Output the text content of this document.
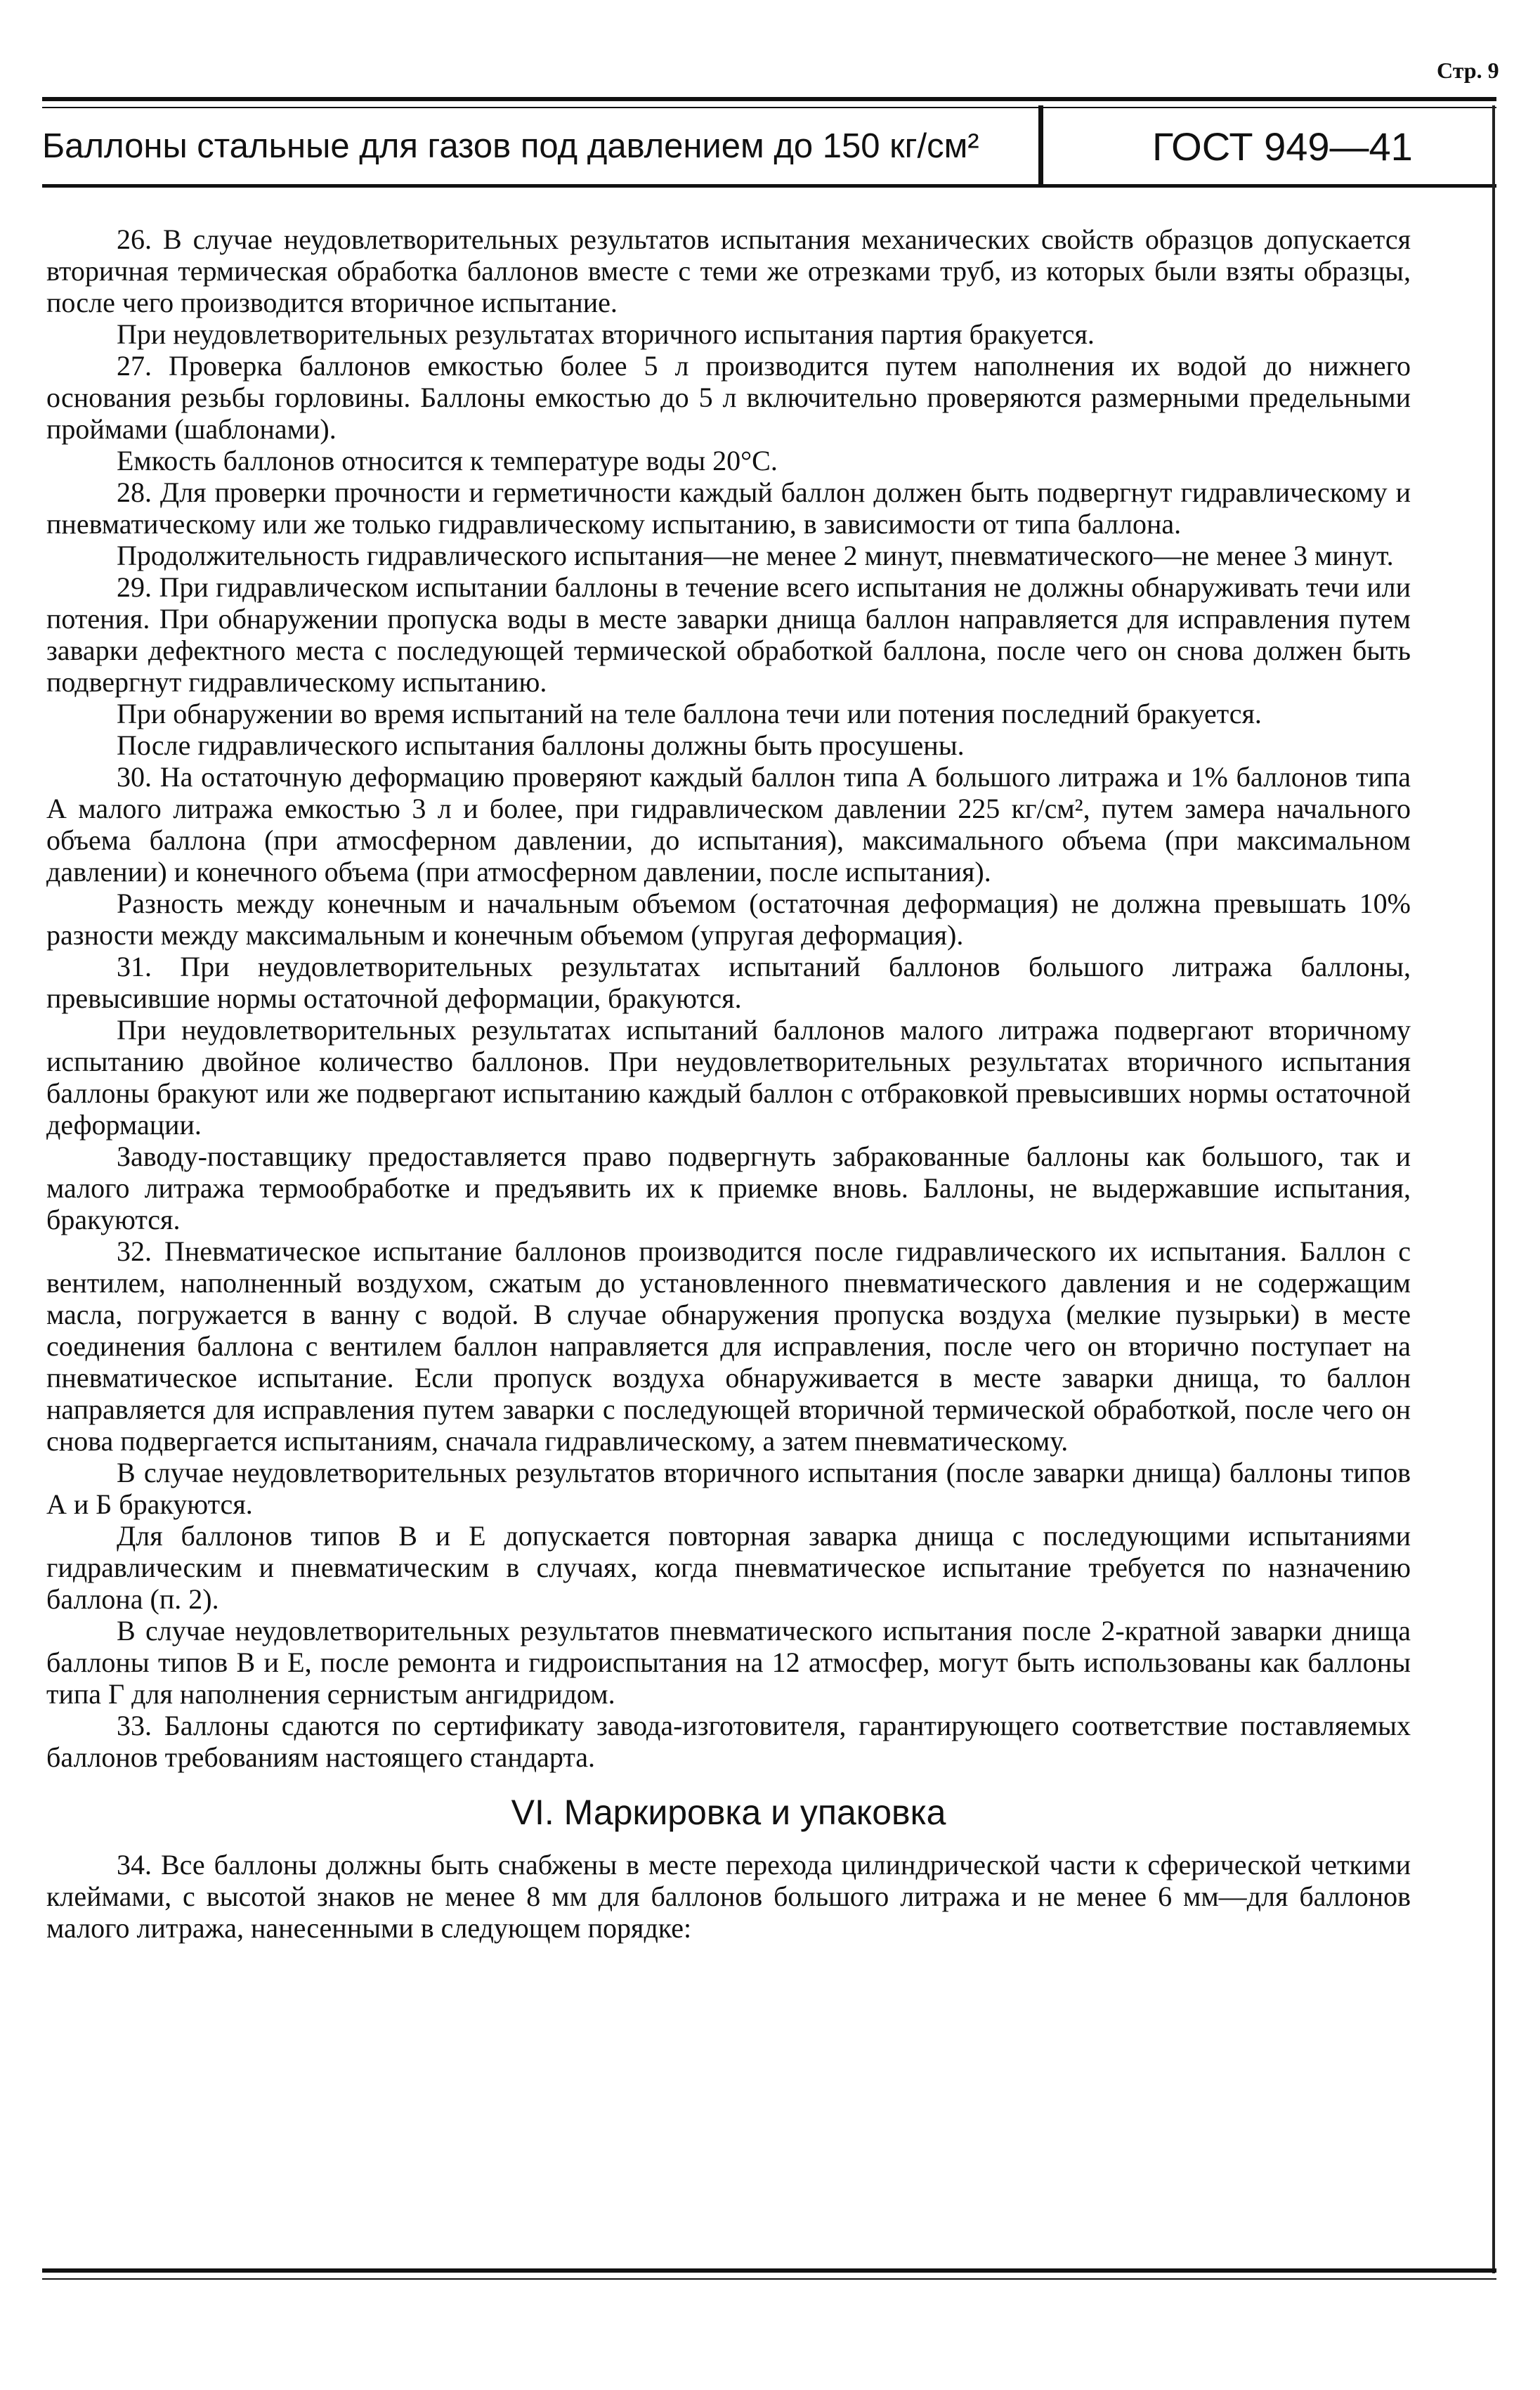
Стр. 9
Баллоны стальные для газов под давлением до 150 кг/см²	ГОСТ 949—41

26. В случае неудовлетворительных результатов испытания механических свойств образцов допускается вторичная термическая обработка баллонов вместе с теми же отрезками труб, из которых были взяты образцы, после чего производится вторичное испытание.

При неудовлетворительных результатах вторичного испытания партия бракуется.

27. Проверка баллонов емкостью более 5 л производится путем наполнения их водой до нижнего основания резьбы горловины. Баллоны емкостью до 5 л включительно проверяются размерными предельными проймами (шаблонами).

Емкость баллонов относится к температуре воды 20°С.

28. Для проверки прочности и герметичности каждый баллон должен быть подвергнут гидравлическому и пневматическому или же только гидравлическому испытанию, в зависимости от типа баллона.

Продолжительность гидравлического испытания—не менее 2 минут, пневматического—не менее 3 минут.

29. При гидравлическом испытании баллоны в течение всего испытания не должны обнаруживать течи или потения. При обнаружении пропуска воды в месте заварки днища баллон направляется для исправления путем заварки дефектного места с последующей термической обработкой баллона, после чего он снова должен быть подвергнут гидравлическому испытанию.

При обнаружении во время испытаний на теле баллона течи или потения последний бракуется.

После гидравлического испытания баллоны должны быть просушены.

30. На остаточную деформацию проверяют каждый баллон типа А большого литража и 1% баллонов типа А малого литража емкостью 3 л и более, при гидравлическом давлении 225 кг/см², путем замера начального объема баллона (при атмосферном давлении, до испытания), максимального объема (при максимальном давлении) и конечного объема (при атмосферном давлении, после испытания).

Разность между конечным и начальным объемом (остаточная деформация) не должна превышать 10% разности между максимальным и конечным объемом (упругая деформация).

31. При неудовлетворительных результатах испытаний баллонов большого литража баллоны, превысившие нормы остаточной деформации, бракуются.

При неудовлетворительных результатах испытаний баллонов малого литража подвергают вторичному испытанию двойное количество баллонов. При неудовлетворительных результатах вторичного испытания баллоны бракуют или же подвергают испытанию каждый баллон с отбраковкой превысивших нормы остаточной деформации.

Заводу-поставщику предоставляется право подвергнуть забракованные баллоны как большого, так и малого литража термообработке и предъявить их к приемке вновь. Баллоны, не выдержавшие испытания, бракуются.

32. Пневматическое испытание баллонов производится после гидравлического их испытания. Баллон с вентилем, наполненный воздухом, сжатым до установленного пневматического давления и не содержащим масла, погружается в ванну с водой. В случае обнаружения пропуска воздуха (мелкие пузырьки) в месте соединения баллона с вентилем баллон направляется для исправления, после чего он вторично поступает на пневматическое испытание. Если пропуск воздуха обнаруживается в месте заварки днища, то баллон направляется для исправления путем заварки с последующей вторичной термической обработкой, после чего он снова подвергается испытаниям, сначала гидравлическому, а затем пневматическому.

В случае неудовлетворительных результатов вторичного испытания (после заварки днища) баллоны типов А и Б бракуются.

Для баллонов типов В и Е допускается повторная заварка днища с последующими испытаниями гидравлическим и пневматическим в случаях, когда пневматическое испытание требуется по назначению баллона (п. 2).

В случае неудовлетворительных результатов пневматического испытания после 2-кратной заварки днища баллоны типов В и Е, после ремонта и гидроиспытания на 12 атмосфер, могут быть использованы как баллоны типа Г для наполнения сернистым ангидридом.

33. Баллоны сдаются по сертификату завода-изготовителя, гарантирующего соответствие поставляемых баллонов требованиям настоящего стандарта.

VI. Маркировка и упаковка

34. Все баллоны должны быть снабжены в месте перехода цилиндрической части к сферической четкими клеймами, с высотой знаков не менее 8 мм для баллонов большого литража и не менее 6 мм—для баллонов малого литража, нанесенными в следующем порядке:
